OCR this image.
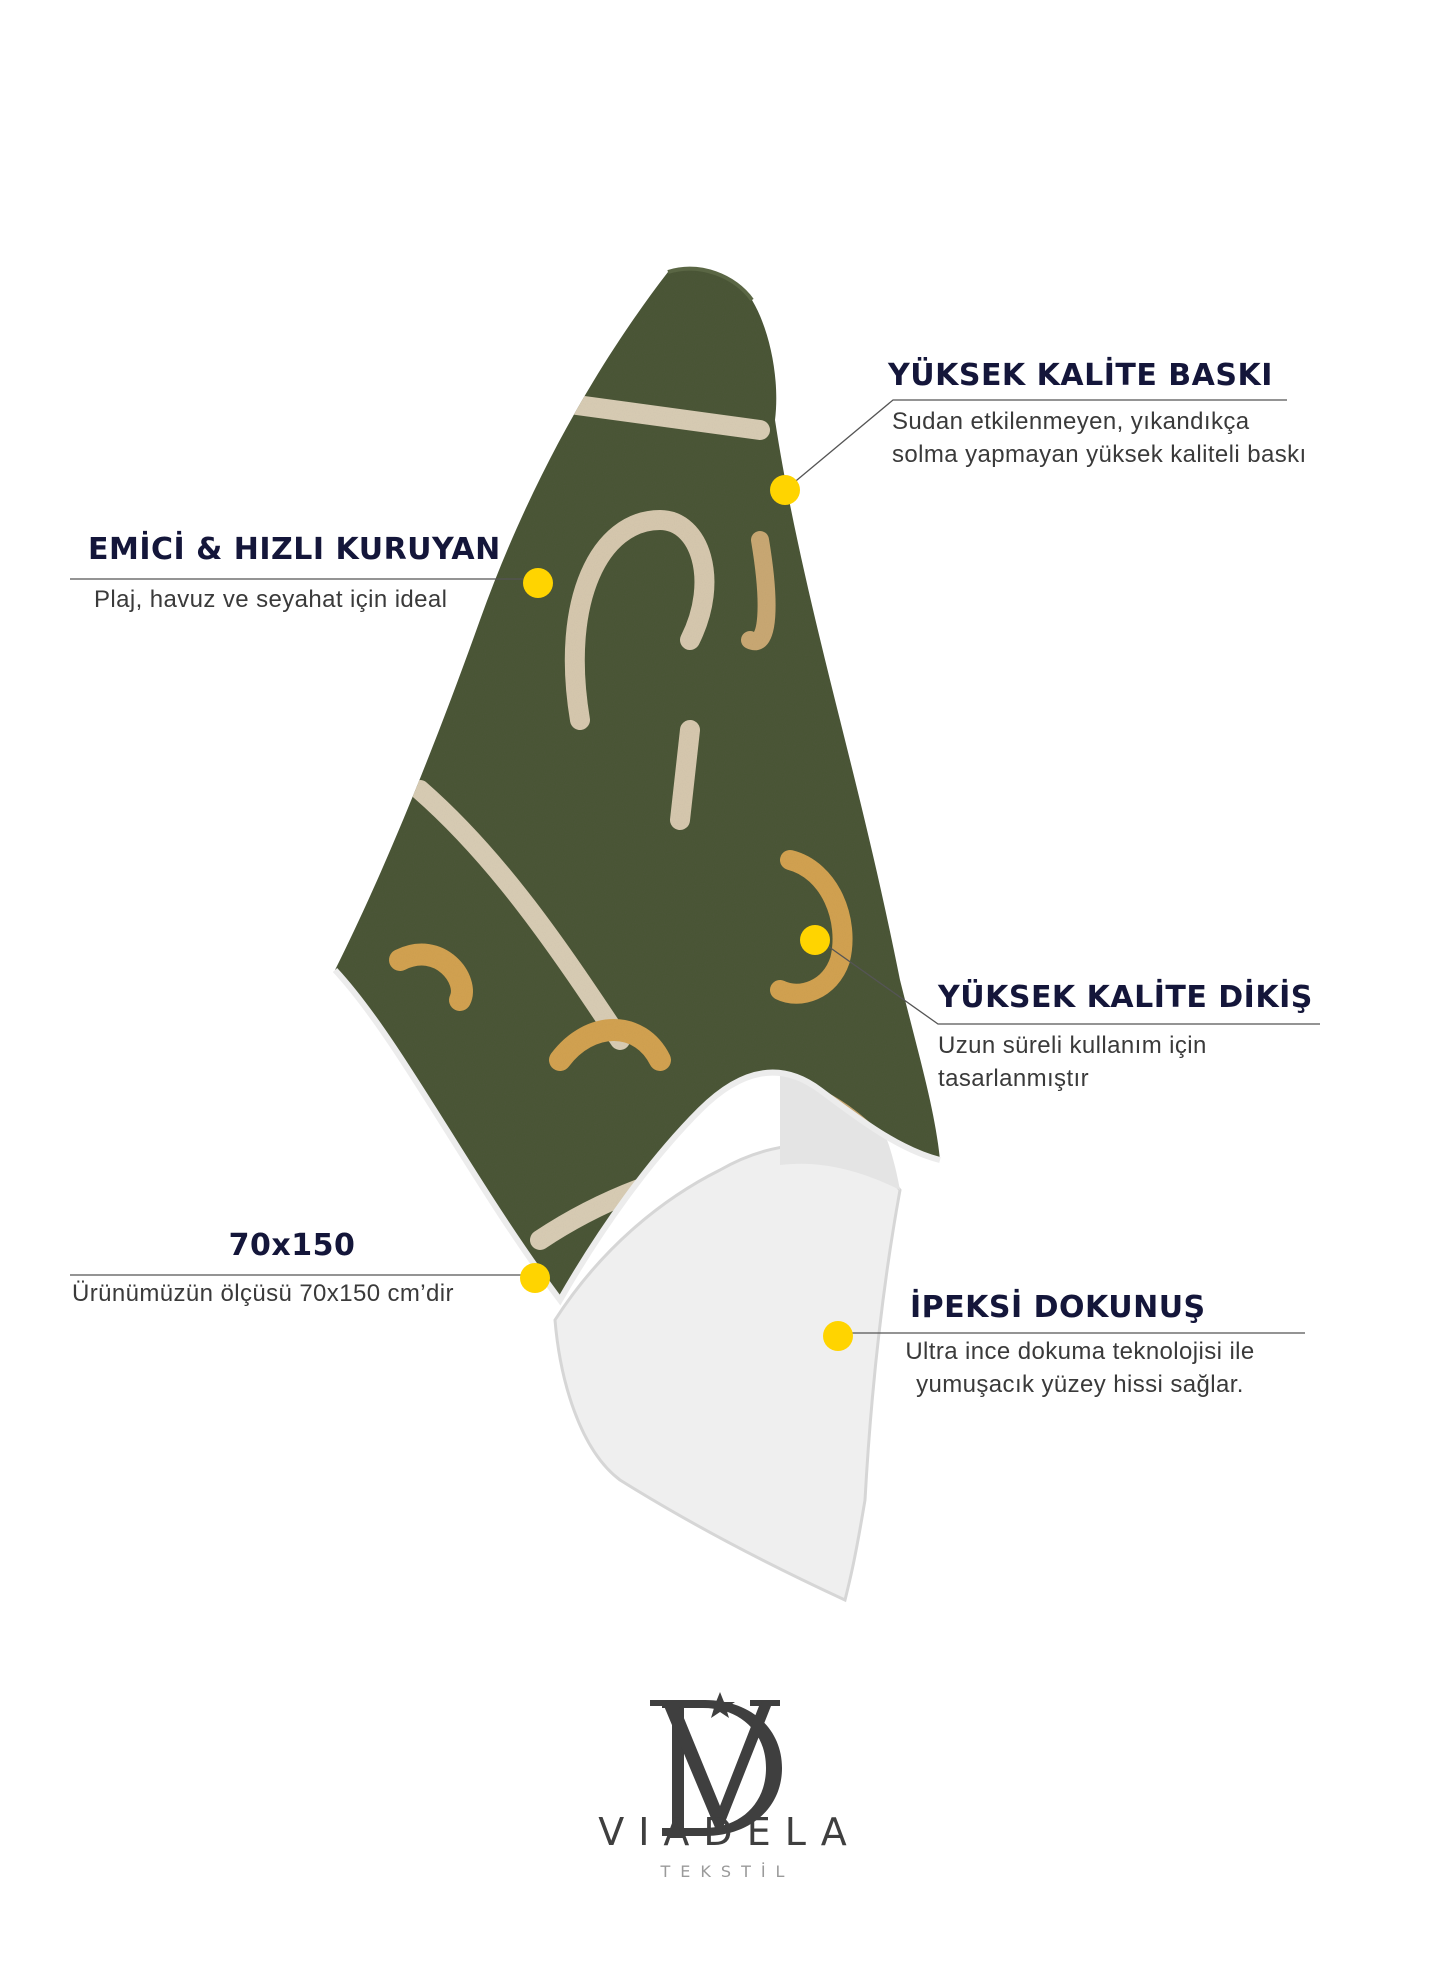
YÜKSEK KALİTE BASKI
Sudan etkilenmeyen, yıkandıkça
solma yapmayan yüksek kaliteli baskı
EMİCİ & HIZLI KURUYAN
Plaj, havuz ve seyahat için ideal
YÜKSEK KALİTE DİKİŞ
Uzun süreli kullanım için
tasarlanmıştır
70x150
Ürünümüzün ölçüsü 70x150 cm’dir	İPEKSİ DOKUNUŞ
Ultra ince dokuma teknolojisi ile
yumuşacık yüzey hissi sağlar.
VIADELA
TEKSTİL
